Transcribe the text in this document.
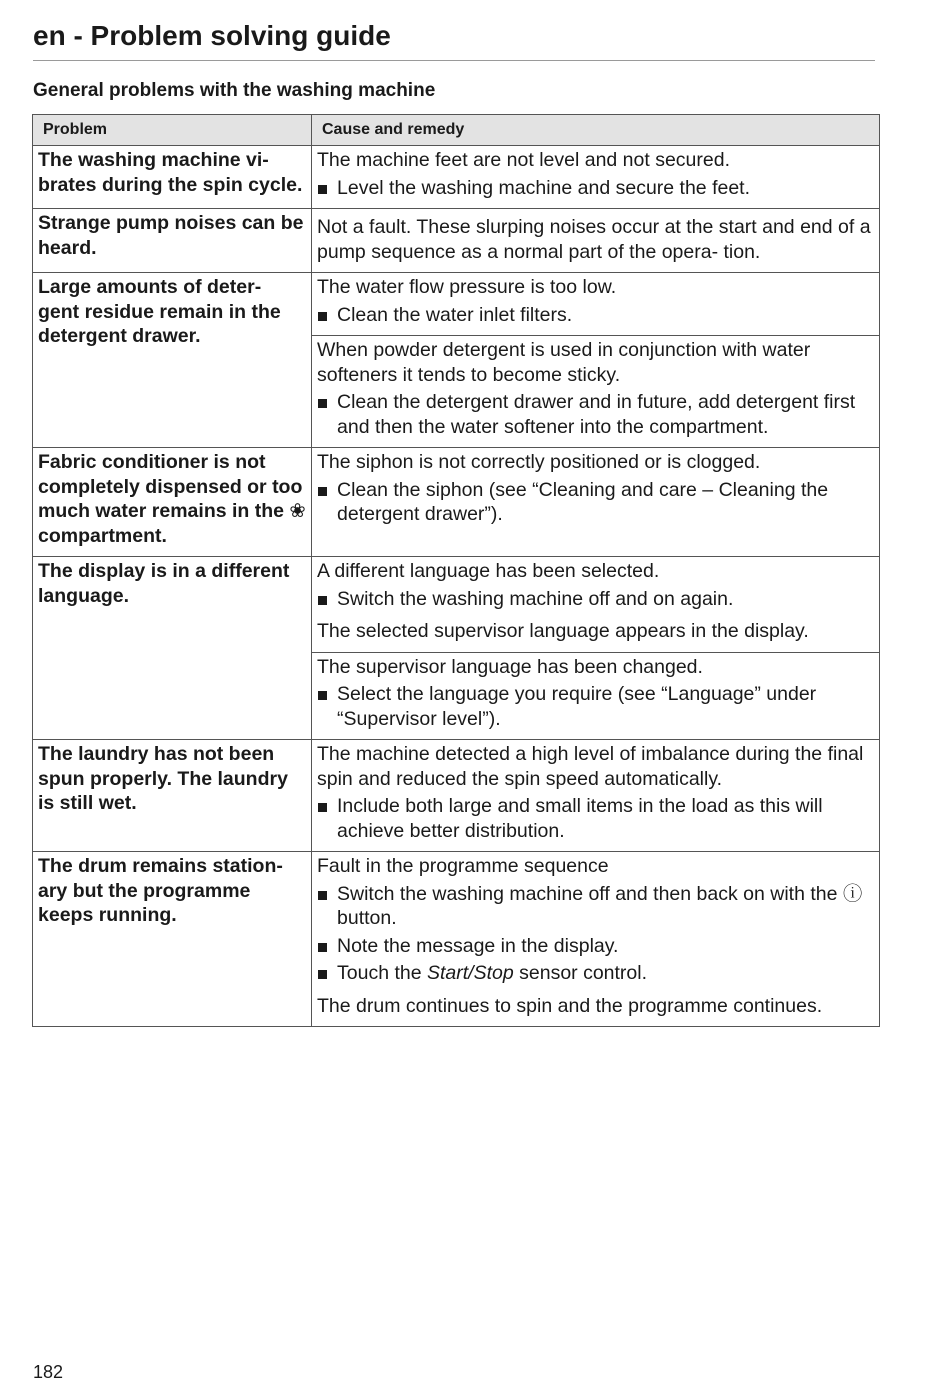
en - Problem solving guide
General problems with the washing machine
Problem	Cause and remedy
The washing machine vi- brates during the spin cycle.	The machine feet are not level and not secured.

Level the washing machine and secure the feet.

Strange pump noises can be heard.	Not a fault. These slurping noises occur at the start and end of a pump sequence as a normal part of the opera- tion.

Large amounts of deter- gent residue remain in the detergent drawer.	The water flow pressure is too low.

Clean the water inlet filters.

	When powder detergent is used in conjunction with water softeners it tends to become sticky.

Clean the detergent drawer and in future, add detergent first and then the water softener into the compartment.

Fabric conditioner is not completely dispensed or too much water remains in the ❀ compartment.	The siphon is not correctly positioned or is clogged.

Clean the siphon (see “Cleaning and care – Cleaning the detergent drawer”).

The display is in a different language.	A different language has been selected.

Switch the washing machine off and on again.

The selected supervisor language appears in the display.

	The supervisor language has been changed.

Select the language you require (see “Language” under “Supervisor level”).

The laundry has not been spun properly. The laundry is still wet.	The machine detected a high level of imbalance during the final spin and reduced the spin speed automatically.

Include both large and small items in the load as this will achieve better distribution.

The drum remains station- ary but the programme keeps running.	Fault in the programme sequence

Switch the washing machine off and then back on with the ⓘ button.
Note the message in the display.
Touch the Start/Stop sensor control.

The drum continues to spin and the programme continues.

182
